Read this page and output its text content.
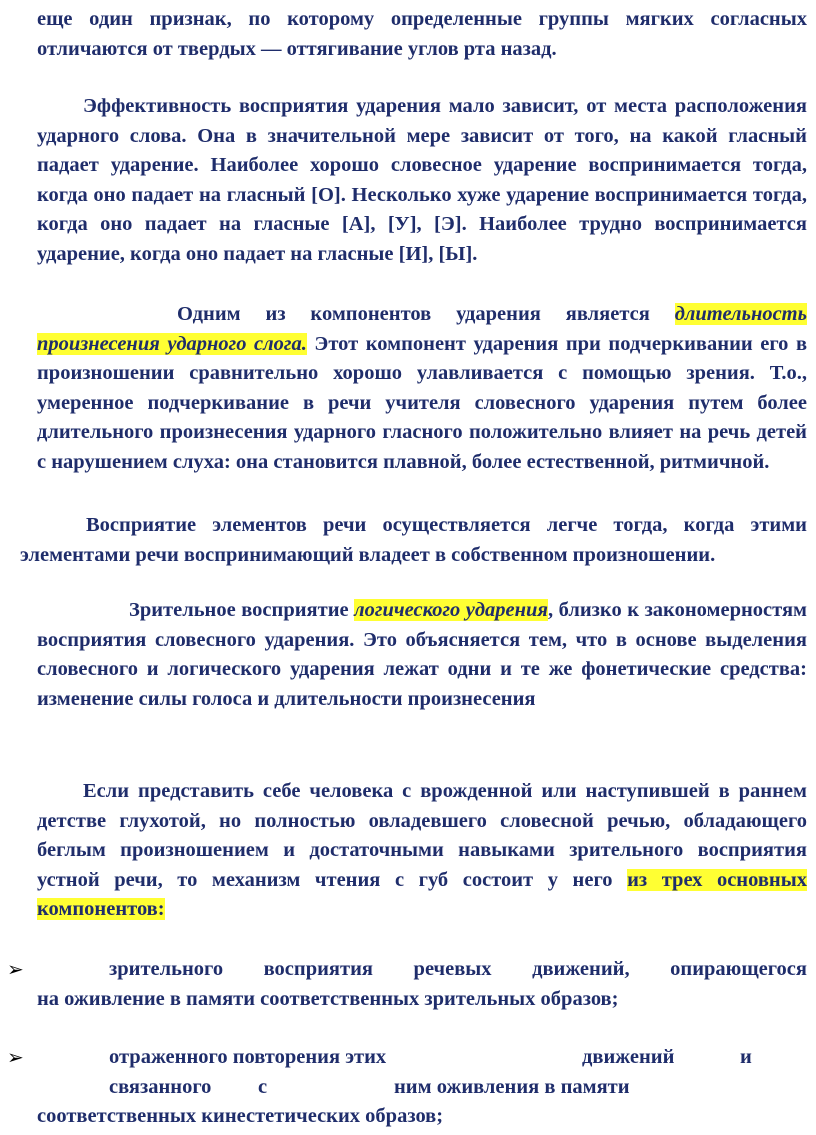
еще один признак, по которому определенные группы мягких согласных
отличаются от твердых — оттягивание углов рта назад.

Эффективность восприятия ударения мало зависит, от места расположения ударного слова. Она в значительной мере зависит от того, на какой гласный падает ударение. Наиболее хорошо словесное ударение воспринимается тогда, когда оно падает на гласный [О]. Несколько хуже ударение воспринимается тогда, когда оно падает на гласные [А], [У], [Э]. Наиболее трудно воспринимается ударение, когда оно падает на гласные [И], [Ы].

Одним из компонентов ударения является длительность произнесения ударного слога. Этот компонент ударения при подчеркивании его в произношении сравнительно хорошо улавливается с помощью зрения. Т.о., умеренное подчеркивание в речи учителя словесного ударения путем более длительного произнесения ударного гласного положительно влияет на речь детей с нарушением слуха: она становится плавной, более естественной, ритмичной.

Восприятие элементов речи осуществляется легче тогда, когда этими элементами речи воспринимающий владеет в собственном произношении.

Зрительное восприятие логического ударения, близко к закономерностям восприятия словесного ударения. Это объясняется тем, что в основе выделения словесного и логического ударения лежат одни и те же фонетические средства: изменение силы голоса и длительности произнесения

Если представить себе человека с врожденной или наступившей в раннем детстве глухотой, но полностью овладевшего словесной речью, обладающего беглым произношением и достаточными навыками зрительного восприятия устной речи, то механизм чтения с губ состоит у него из трех основных компонентов:

➢	зрительного восприятия речевых движений, опирающегося
на оживление в памяти соответственных зрительных образов;

➢	отраженного повторения этих	движений	и
связанного с	ним оживления в памяти
соответственных кинестетических образов;
